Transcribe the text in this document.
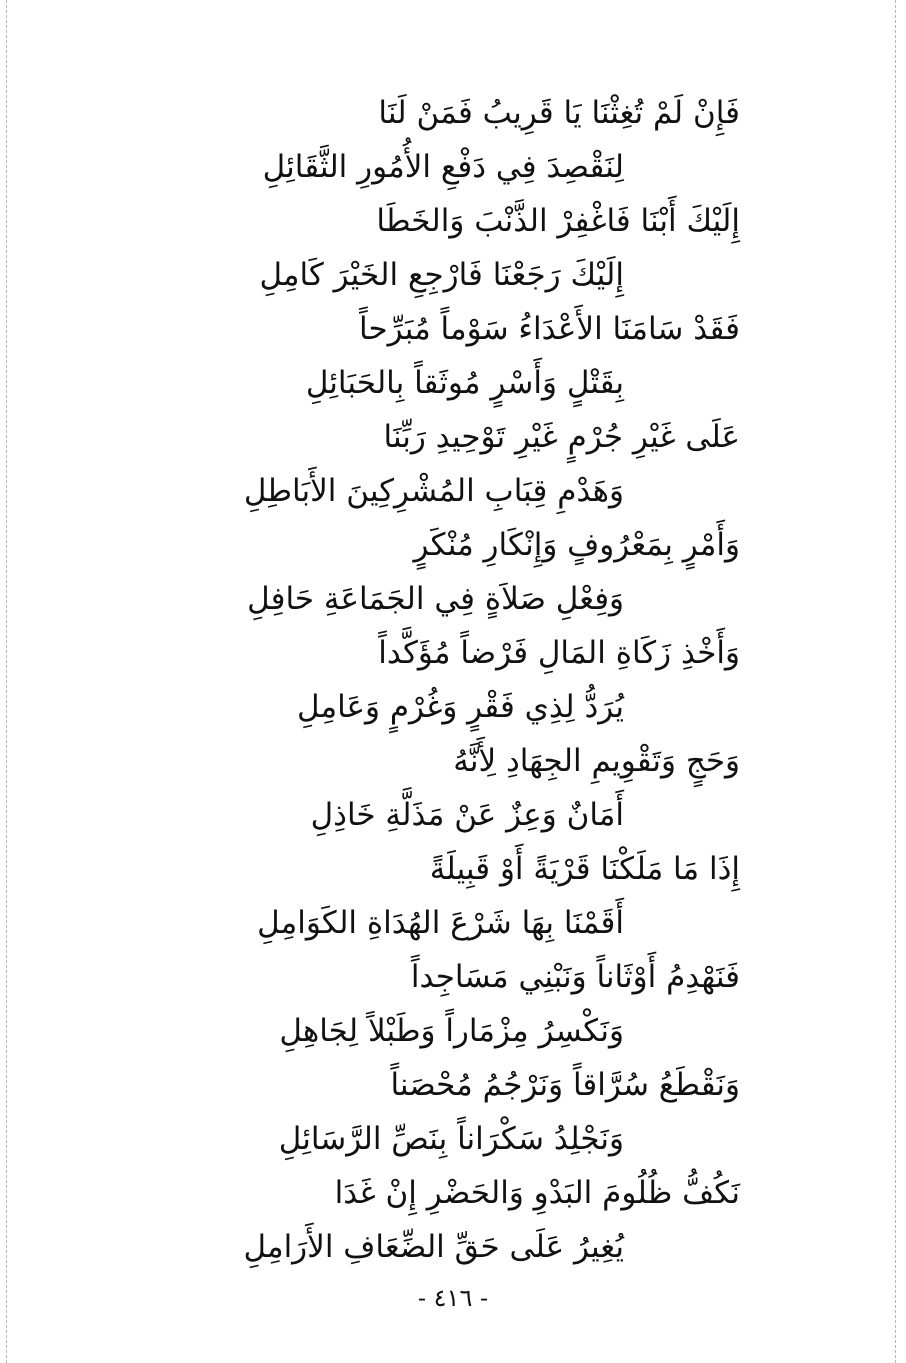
فَإِنْ لَمْ تُغِثْنَا يَا قَرِيبُ فَمَنْ لَنَا
لِنَقْصِدَ فِي دَفْعِ الأُمُورِ الثَّقَائِلِ
إِلَيْكَ أَبْنَا فَاغْفِرْ الذَّنْبَ وَالخَطَا
إِلَيْكَ رَجَعْنَا فَارْجِعِ الخَيْرَ كَامِلِ
فَقَدْ سَامَنَا الأَعْدَاءُ سَوْماً مُبَرِّحاً
بِقَتْلٍ وَأَسْرٍ مُوثَقاً بِالحَبَائِلِ
عَلَى غَيْرِ جُرْمٍ غَيْرِ تَوْحِيدِ رَبِّنَا
وَهَدْمِ قِبَابِ المُشْرِكِينَ الأَبَاطِلِ
وَأَمْرٍ بِمَعْرُوفٍ وَإِنْكَارِ مُنْكَرٍ
وَفِعْلِ صَلاَةٍ فِي الجَمَاعَةِ حَافِلِ
وَأَخْذِ زَكَاةِ المَالِ فَرْضاً مُؤَكَّداً
يُرَدُّ لِذِي فَقْرٍ وَغُرْمٍ وَعَامِلِ
وَحَجٍ وَتَقْوِيمِ الجِهَادِ لِأَنَّهُ
أَمَانٌ وَعِزٌ عَنْ مَذَلَّةِ خَاذِلِ
إِذَا مَا مَلَكْنَا قَرْيَةً أَوْ قَبِيلَةً
أَقَمْنَا بِهَا شَرْعَ الهُدَاةِ الكَوَامِلِ
فَنَهْدِمُ أَوْثَاناً وَنَبْنِي مَسَاجِداً
وَنَكْسِرُ مِزْمَاراً وَطَبْلاً لِجَاهِلِ
وَنَقْطَعُ سُرَّاقاً وَنَرْجُمُ مُحْصَناً
وَنَجْلِدُ سَكْرَاناً بِنَصِّ الرَّسَائِلِ
نَكُفُّ ظُلُومَ البَدْوِ وَالحَضْرِ إِنْ غَدَا
يُغِيرُ عَلَى حَقِّ الضِّعَافِ الأَرَامِلِ
- ٤١٦ -
